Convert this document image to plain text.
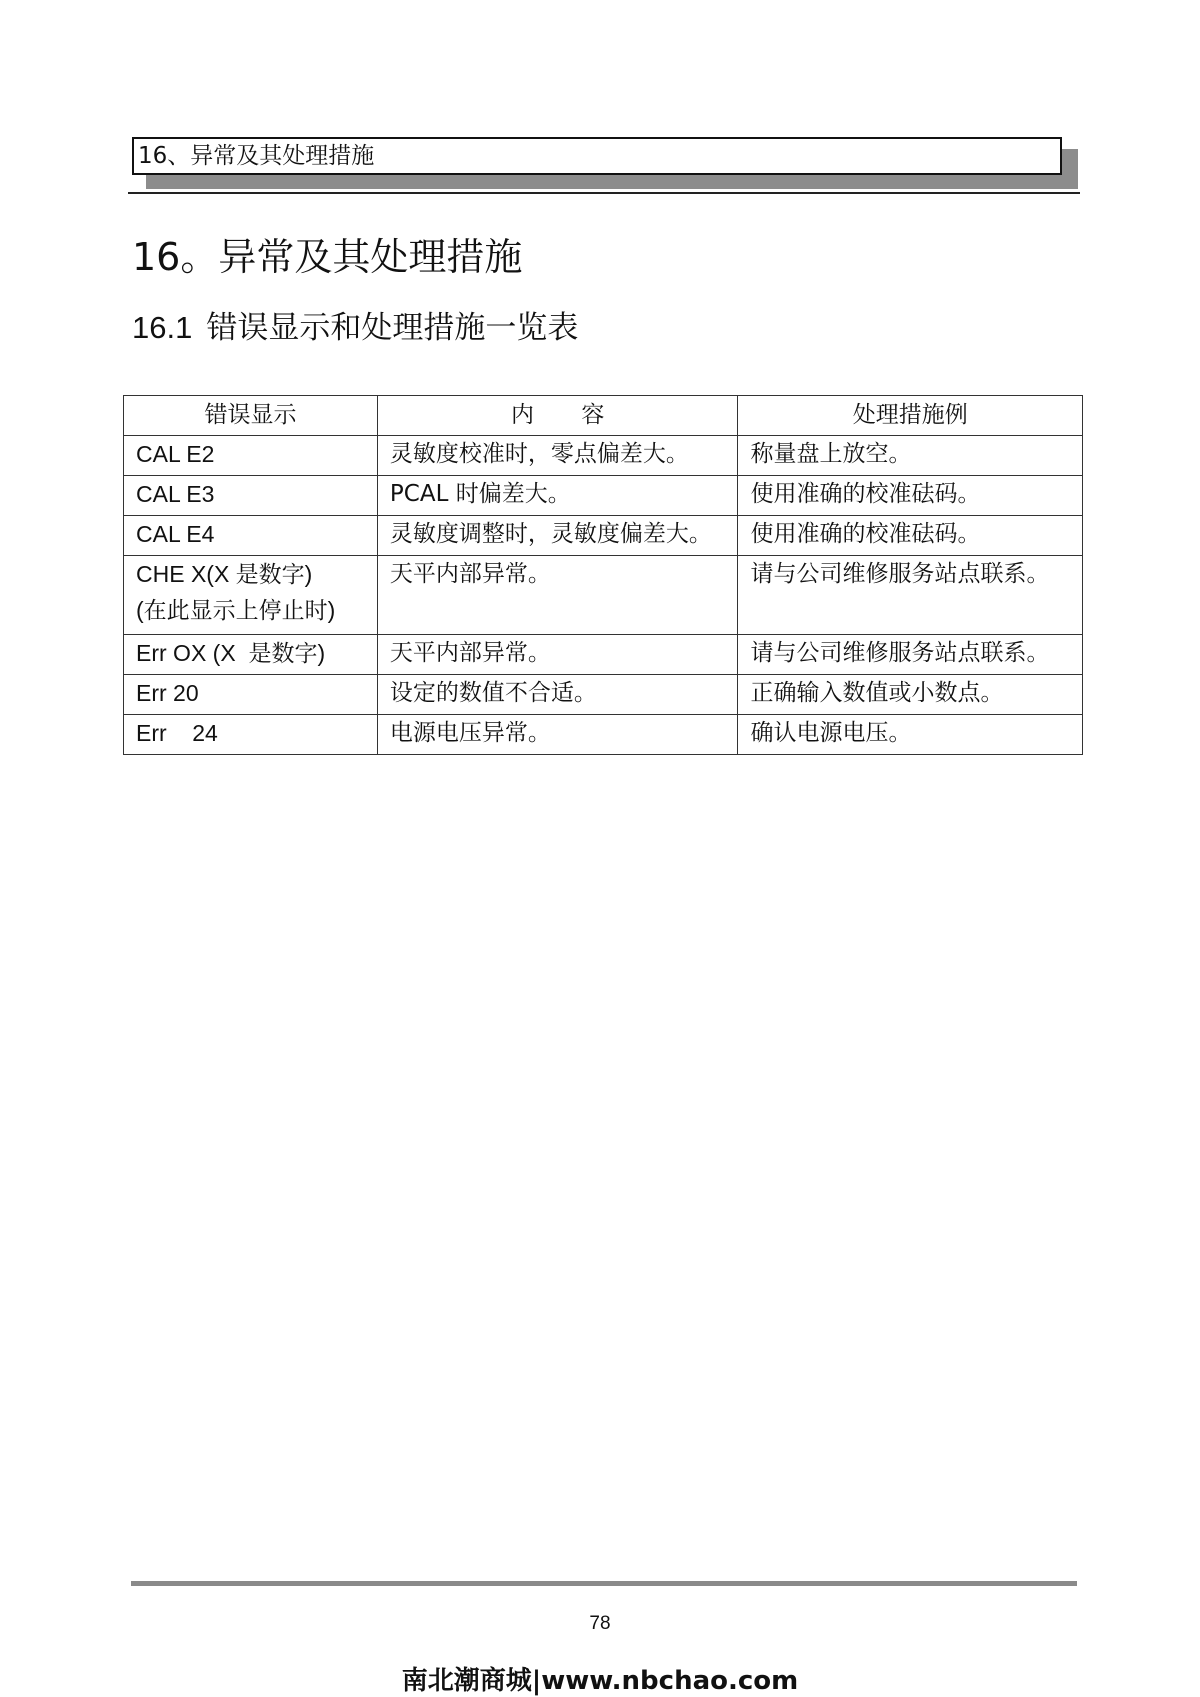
16、异常及其处理措施
16。异常及其处理措施
16.1 错误显示和处理措施一览表
错误显示	内 容	处理措施例

CAL E2	灵敏度校准时，零点偏差大。	称量盘上放空。

CAL E3	PCAL 时偏差大。	使用准确的校准砝码。

CAL E4	灵敏度调整时，灵敏度偏差大。	使用准确的校准砝码。

CHE X(X 是数字)
(在此显示上停止时)	天平内部异常。	请与公司维修服务站点联系。

Err OX (X  是数字)	天平内部异常。	请与公司维修服务站点联系。

Err 20	设定的数值不合适。	正确输入数值或小数点。

Err    24	电源电压异常。	确认电源电压。
78
南北潮商城|www.nbchao.com
